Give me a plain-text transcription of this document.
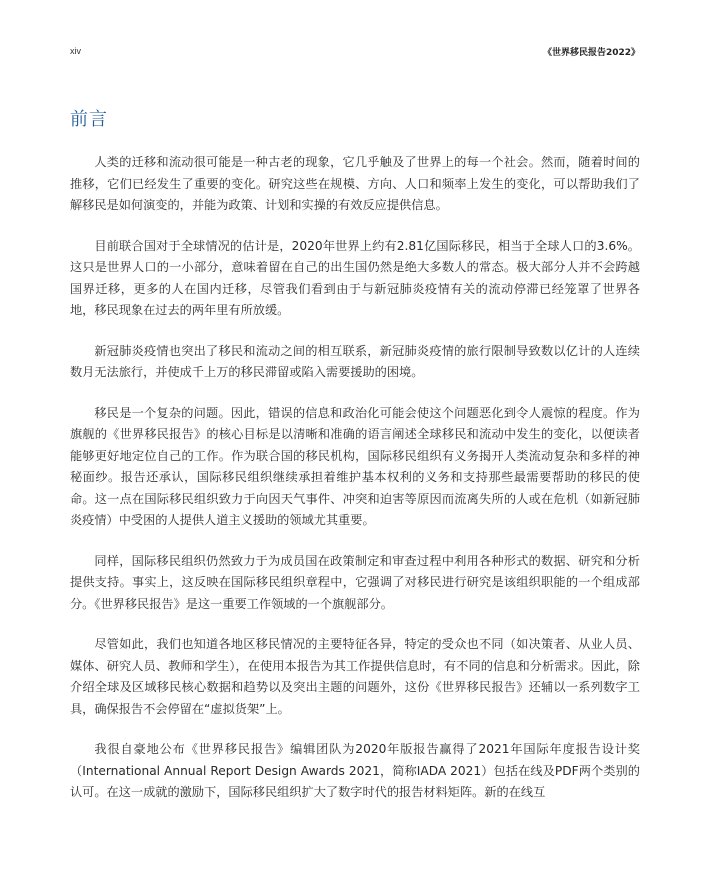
xiv	《世界移民报告2022》
前言

人类的迁移和流动很可能是一种古老的现象，它几乎触及了世界上的每一个社会。然而，随着时间的推移，它们已经发生了重要的变化。研究这些在规模、方向、人口和频率上发生的变化，可以帮助我们了解移民是如何演变的，并能为政策、计划和实操的有效反应提供信息。

目前联合国对于全球情况的估计是，2020年世界上约有2.81亿国际移民，相当于全球人口的3.6%。这只是世界人口的一小部分，意味着留在自己的出生国仍然是绝大多数人的常态。极大部分人并不会跨越国界迁移，更多的人在国内迁移，尽管我们看到由于与新冠肺炎疫情有关的流动停滞已经笼罩了世界各地，移民现象在过去的两年里有所放缓。

新冠肺炎疫情也突出了移民和流动之间的相互联系，新冠肺炎疫情的旅行限制导致数以亿计的人连续数月无法旅行，并使成千上万的移民滞留或陷入需要援助的困境。

移民是一个复杂的问题。因此，错误的信息和政治化可能会使这个问题恶化到令人震惊的程度。作为旗舰的《世界移民报告》的核心目标是以清晰和准确的语言阐述全球移民和流动中发生的变化，以便读者能够更好地定位自己的工作。作为联合国的移民机构，国际移民组织有义务揭开人类流动复杂和多样的神秘面纱。报告还承认，国际移民组织继续承担着维护基本权利的义务和支持那些最需要帮助的移民的使命。这一点在国际移民组织致力于向因天气事件、冲突和迫害等原因而流离失所的人或在危机（如新冠肺炎疫情）中受困的人提供人道主义援助的领域尤其重要。

同样，国际移民组织仍然致力于为成员国在政策制定和审查过程中利用各种形式的数据、研究和分析提供支持。事实上，这反映在国际移民组织章程中，它强调了对移民进行研究是该组织职能的一个组成部分。《世界移民报告》是这一重要工作领域的一个旗舰部分。

尽管如此，我们也知道各地区移民情况的主要特征各异，特定的受众也不同（如决策者、从业人员、媒体、研究人员、教师和学生），在使用本报告为其工作提供信息时，有不同的信息和分析需求。因此，除介绍全球及区域移民核心数据和趋势以及突出主题的问题外，这份《世界移民报告》还辅以一系列数字工具，确保报告不会停留在“虚拟货架”上。

我很自豪地公布《世界移民报告》编辑团队为2020年版报告赢得了2021年国际年度报告设计奖（International Annual Report Design Awards 2021，简称IADA 2021）包括在线及PDF两个类别的认可。在这一成就的激励下，国际移民组织扩大了数字时代的报告材料矩阵。新的在线互
